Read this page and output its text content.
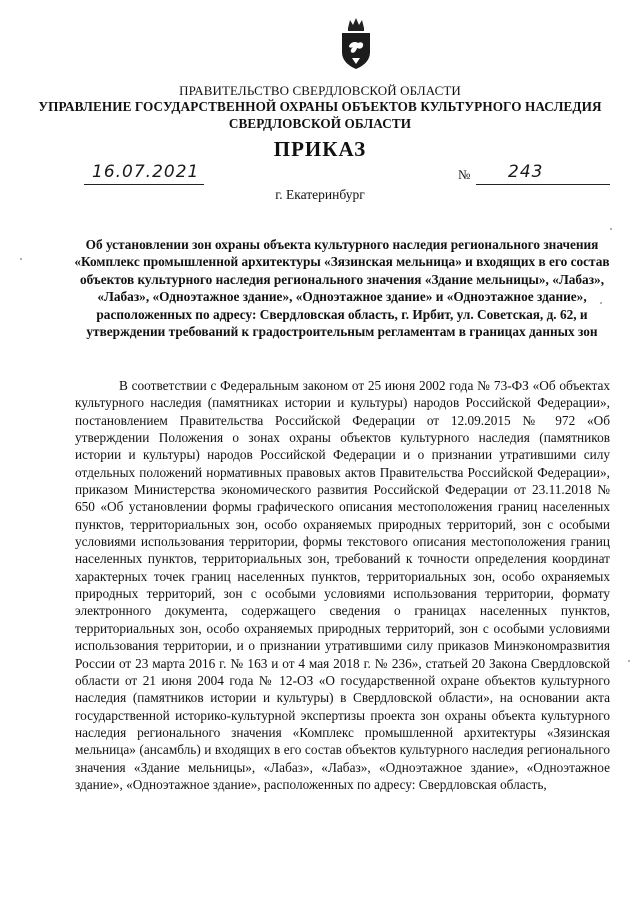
ПРАВИТЕЛЬСТВО СВЕРДЛОВСКОЙ ОБЛАСТИ
УПРАВЛЕНИЕ ГОСУДАРСТВЕННОЙ ОХРАНЫ ОБЪЕКТОВ КУЛЬТУРНОГО НАСЛЕДИЯ
СВЕРДЛОВСКОЙ ОБЛАСТИ
ПРИКАЗ
16.07.2021	№ 243
г. Екатеринбург
Об установлении зон охраны объекта культурного наследия регионального значения «Комплекс промышленной архитектуры «Зязинская мельница» и входящих в его состав объектов культурного наследия регионального значения «Здание мельницы», «Лабаз», «Лабаз», «Одноэтажное здание», «Одноэтажное здание» и «Одноэтажное здание», расположенных по адресу: Свердловская область, г. Ирбит, ул. Советская, д. 62, и утверждении требований к градостроительным регламентам в границах данных зон
В соответствии с Федеральным законом от 25 июня 2002 года № 73-ФЗ «Об объектах культурного наследия (памятниках истории и культуры) народов Российской Федерации», постановлением Правительства Российской Федерации от 12.09.2015 № 972 «Об утверждении Положения о зонах охраны объектов культурного наследия (памятников истории и культуры) народов Российской Федерации и о признании утратившими силу отдельных положений нормативных правовых актов Правительства Российской Федерации», приказом Министерства экономического развития Российской Федерации от 23.11.2018 № 650 «Об установлении формы графического описания местоположения границ населенных пунктов, территориальных зон, особо охраняемых природных территорий, зон с особыми условиями использования территории, формы текстового описания местоположения границ населенных пунктов, территориальных зон, требований к точности определения координат характерных точек границ населенных пунктов, территориальных зон, особо охраняемых природных территорий, зон с особыми условиями использования территории, формату электронного документа, содержащего сведения о границах населенных пунктов, территориальных зон, особо охраняемых природных территорий, зон с особыми условиями использования территории, и о признании утратившими силу приказов Минэкономразвития России от 23 марта 2016 г. № 163 и от 4 мая 2018 г. № 236», статьей 20 Закона Свердловской области от 21 июня 2004 года № 12-ОЗ «О государственной охране объектов культурного наследия (памятников истории и культуры) в Свердловской области», на основании акта государственной историко-культурной экспертизы проекта зон охраны объекта культурного наследия регионального значения «Комплекс промышленной архитектуры «Зязинская мельница» (ансамбль) и входящих в его состав объектов культурного наследия регионального значения «Здание мельницы», «Лабаз», «Лабаз», «Одноэтажное здание», «Одноэтажное здание», «Одноэтажное здание», расположенных по адресу: Свердловская область,
